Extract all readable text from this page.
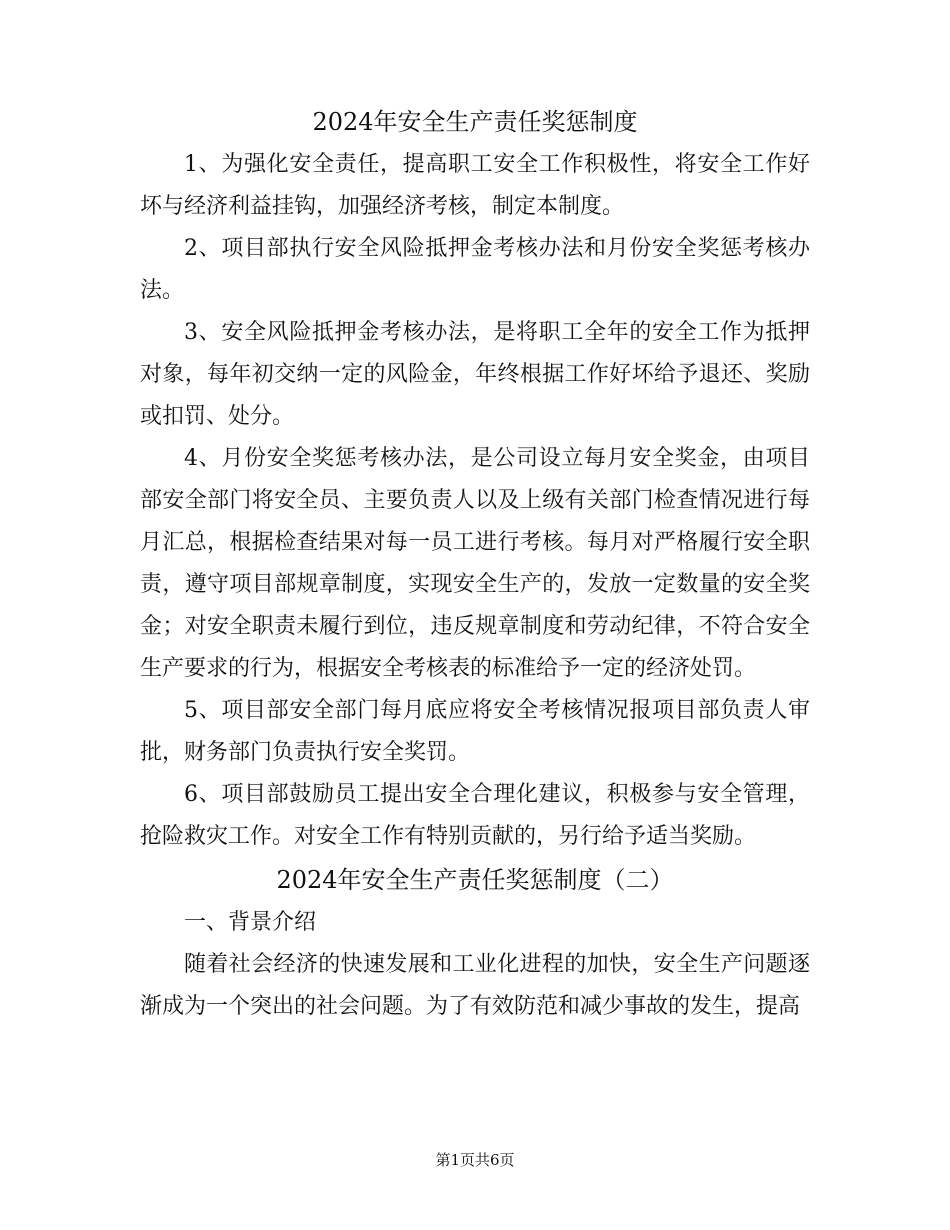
2024年安全生产责任奖惩制度

1、为强化安全责任，提高职工安全工作积极性，将安全工作好坏与经济利益挂钩，加强经济考核，制定本制度。

2、项目部执行安全风险抵押金考核办法和月份安全奖惩考核办法。

3、安全风险抵押金考核办法，是将职工全年的安全工作为抵押对象，每年初交纳一定的风险金，年终根据工作好坏给予退还、奖励或扣罚、处分。

4、月份安全奖惩考核办法，是公司设立每月安全奖金，由项目部安全部门将安全员、主要负责人以及上级有关部门检查情况进行每月汇总，根据检查结果对每一员工进行考核。每月对严格履行安全职责，遵守项目部规章制度，实现安全生产的，发放一定数量的安全奖金；对安全职责未履行到位，违反规章制度和劳动纪律，不符合安全生产要求的行为，根据安全考核表的标准给予一定的经济处罚。

5、项目部安全部门每月底应将安全考核情况报项目部负责人审批，财务部门负责执行安全奖罚。

6、项目部鼓励员工提出安全合理化建议，积极参与安全管理，抢险救灾工作。对安全工作有特别贡献的，另行给予适当奖励。

2024年安全生产责任奖惩制度（二）

一、背景介绍

随着社会经济的快速发展和工业化进程的加快，安全生产问题逐渐成为一个突出的社会问题。为了有效防范和减少事故的发生，提高

第1页共6页
